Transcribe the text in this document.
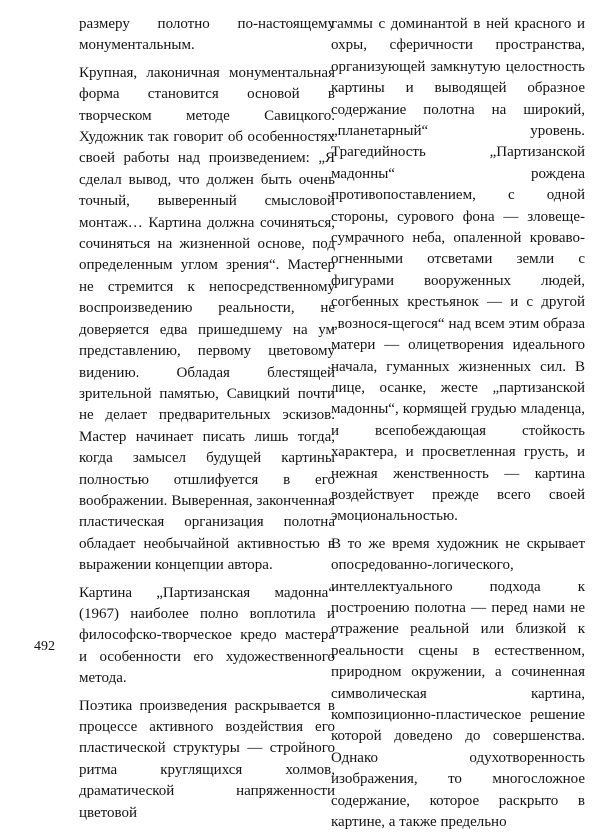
размеру полотно по-настоящему монументальным.

Крупная, лаконичная монументальная форма становится основой в творческом методе Савицкого. Художник так говорит об особенностях своей работы над произведением: „Я сделал вывод, что должен быть очень точный, выверенный смысловой монтаж… Картина должна сочиняться, сочиняться на жизненной основе, под определенным углом зрения“. Мастер не стремится к непосредственному воспроизведению реальности, не доверяется едва пришедшему на ум представлению, первому цветовому видению. Обладая блестящей зрительной памятью, Савицкий почти не делает предварительных эскизов. Мастер начинает писать лишь тогда, когда замысел будущей картины полностью отшлифуется в его воображении. Выверенная, законченная пластическая организация полотна обладает необычайной активностью в выражении концепции автора.

Картина „Партизанская мадонна“ (1967) наиболее полно воплотила и философско-творческое кредо мастера и особенности его художественного метода.

Поэтика произведения раскрывается в процессе активного воздействия его пластической структуры — стройного ритма круглящихся холмов, драматической напряженности цветовой

гаммы с доминантой в ней красного и охры, сферичности пространства, организующей замкнутую целостность картины и выводящей образное содержание полотна на широкий, „планетарный“ уровень. Трагедийность „Партизанской мадонны“ рождена противопоставлением, с одной стороны, сурового фона — зловеще-сумрачного неба, опаленной кроваво-огненными отсветами земли с фигурами вооруженных людей, согбенных крестьянок — и с другой „вознося-щегося“ над всем этим образа матери — олицетворения идеального начала, гуманных жизненных сил. В лице, осанке, жесте „партизанской мадонны“, кормящей грудью младенца, и всепобеждающая стойкость характера, и просветленная грусть, и нежная женственность — картина воздействует прежде всего своей эмоциональностью.

В то же время художник не скрывает опосредованно-логического, интеллектуального подхода к построению полотна — перед нами не отражение реальной или близкой к реальности сцены в естественном, природном окружении, а сочиненная символическая картина, композиционно-пластическое решение которой доведено до совершенства. Однако одухотворенность изображения, то многосложное содержание, которое раскрыто в картине, а также предельно

492
